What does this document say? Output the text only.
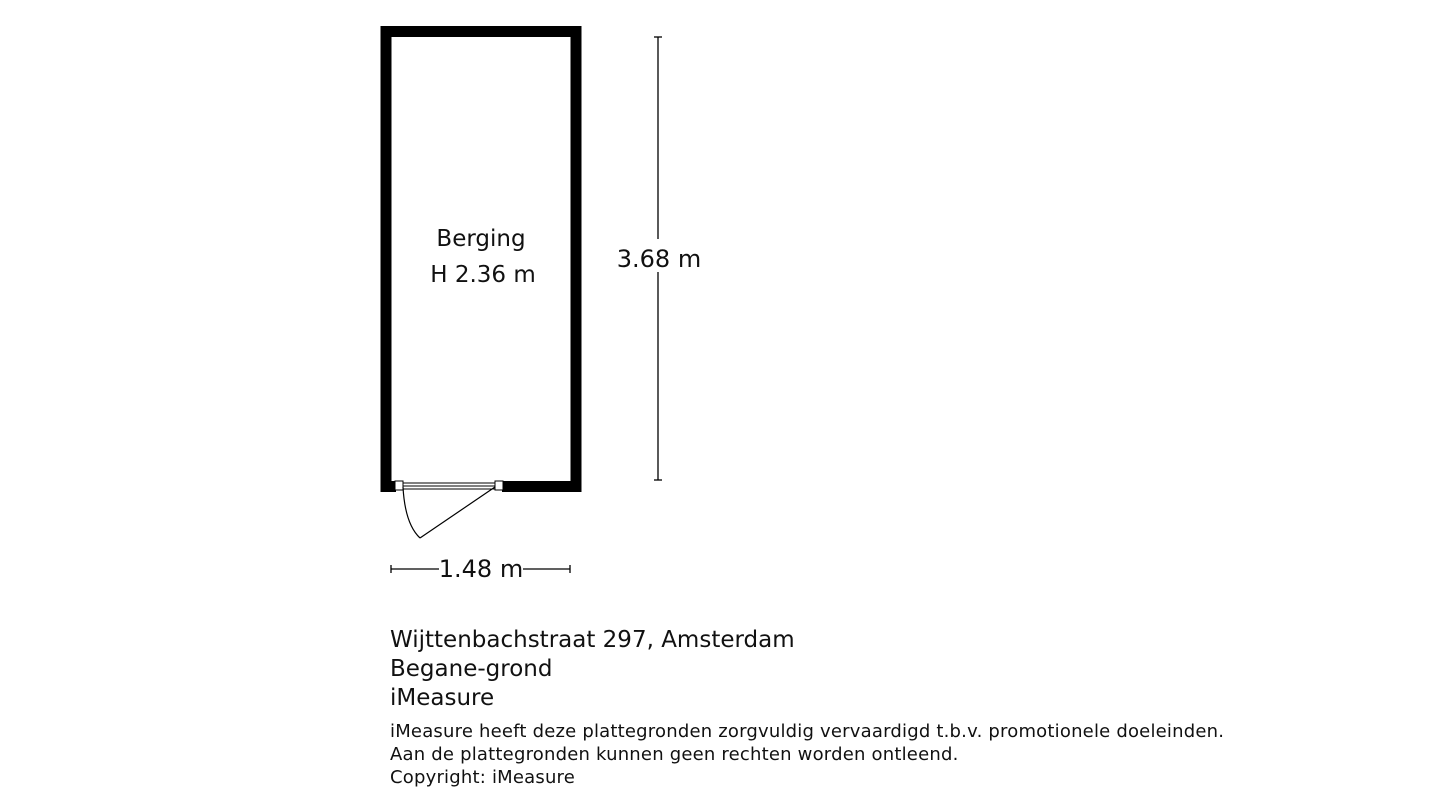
Berging
H 2.36 m
3.68 m
1.48 m
Wijttenbachstraat 297, Amsterdam
Begane-grond
iMeasure
iMeasure heeft deze plattegronden zorgvuldig vervaardigd t.b.v. promotionele doeleinden.
Aan de plattegronden kunnen geen rechten worden ontleend.
Copyright: iMeasure
